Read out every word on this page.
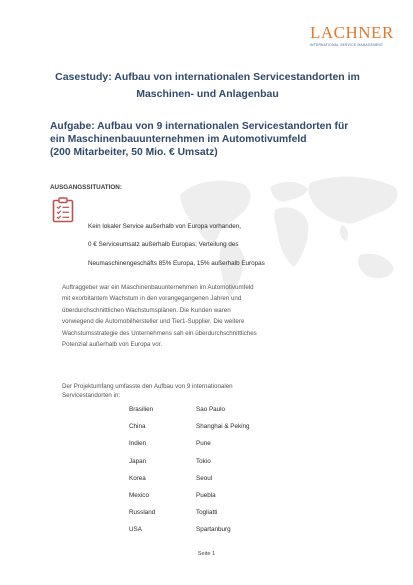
LACHNER
INTERNATIONAL SERVICE MANAGEMENT
Casestudy: Aufbau von internationalen Servicestandorten im
Maschinen- und Anlagenbau
Aufgabe: Aufbau von 9 internationalen Servicestandorten für
ein Maschinenbauunternehmen im Automotivumfeld
(200 Mitarbeiter, 50 Mio. € Umsatz)
AUSGANGSSITUATION:
Kein lokaler Service außerhalb von Europa vorhanden,
0 € Serviceumsatz außerhalb Europas; Verteilung des
Neumaschinengeschäfts 85% Europa, 15% außerhalb Europas

Auftraggeber war ein Maschinenbauunternehmen im Automotivumfeld

mit exorbitantem Wachstum in den vorangegangenen Jahren und

überdurchschnittlichen Wachstumsplänen. Die Kunden waren

vorwiegend die Automobilhersteller und Tier1-Supplier. Die weitere

Wachstumsstrategie des Unternehmens sah ein überdurchschnittliches

Potenzial außerhalb von Europa vor.

Der Projektumfang umfasste den Aufbau von 9 internationalen
Servicestandorten in:
Brasilien	Sao Paulo
China	Shanghai & Peking
Indien	Pune
Japan	Tokio
Korea	Seoul
Mexico	Puebla
Russland	Togliatti
USA	Spartanburg
Seite 1
